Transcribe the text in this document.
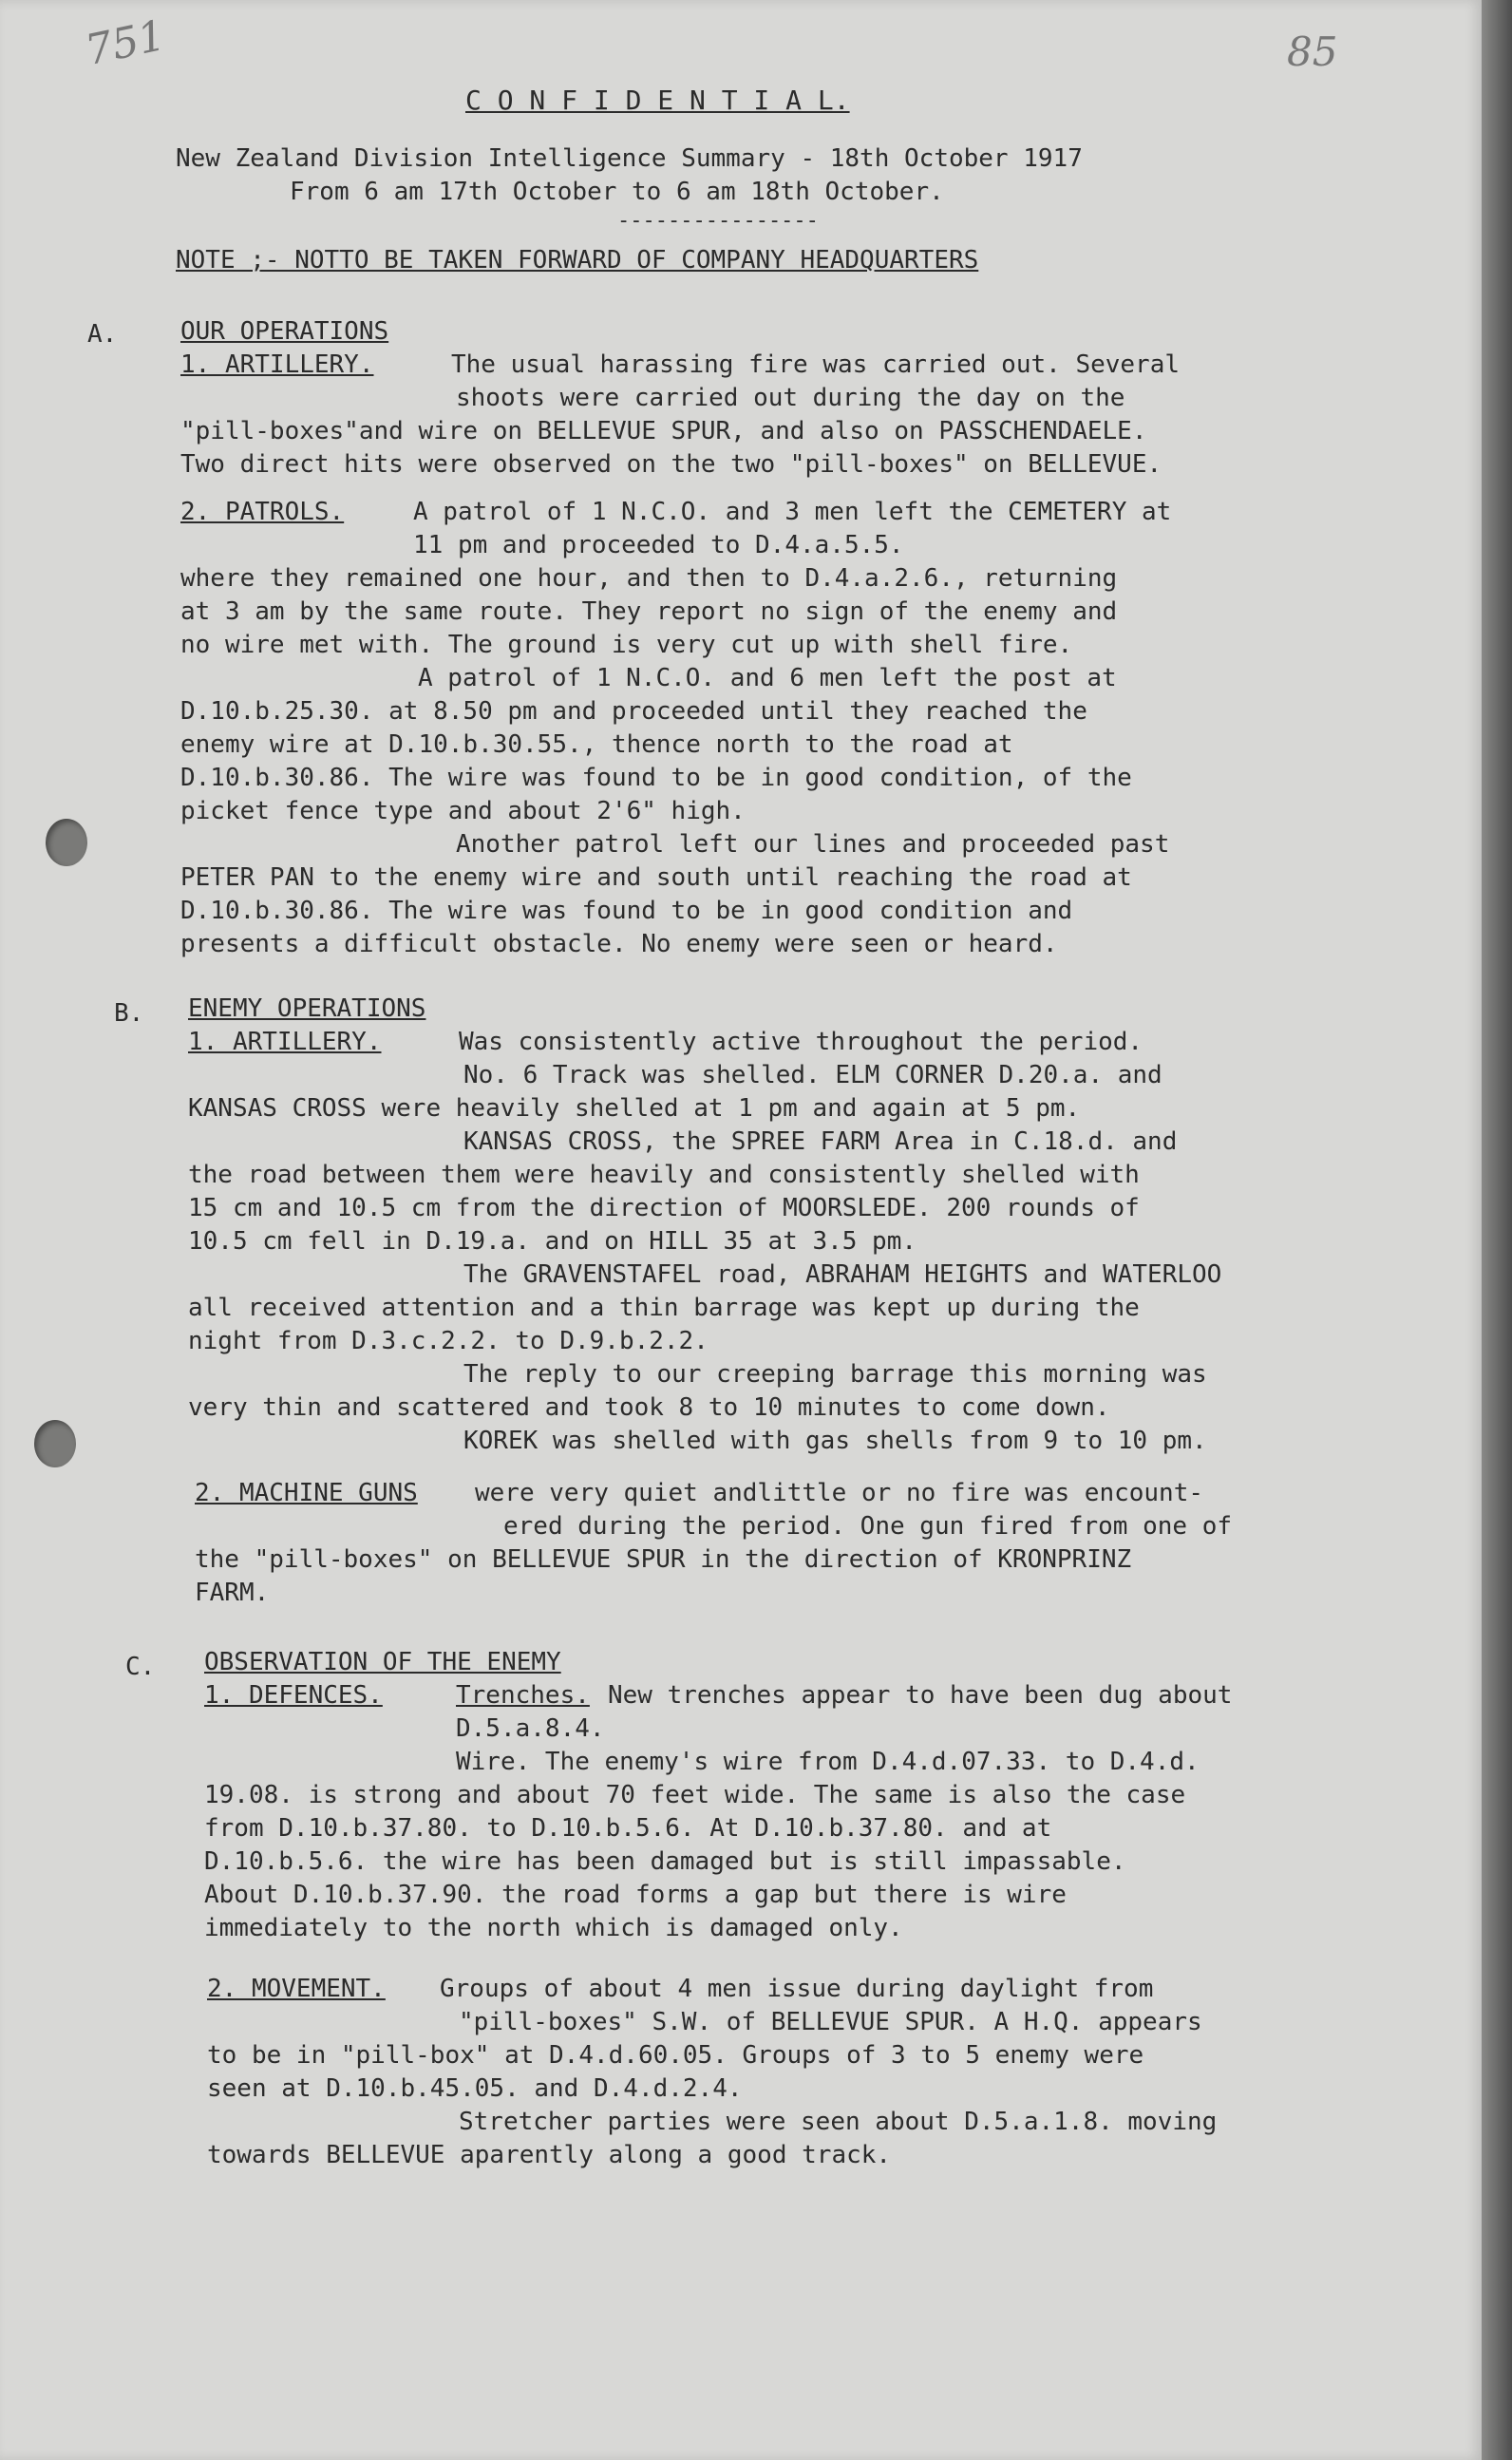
751	85
C O N F I D E N T I A L.
New Zealand Division Intelligence Summary - 18th October 1917
From 6 am 17th October to 6 am 18th October.
----------------
NOTE ;- NOTTO BE TAKEN FORWARD OF COMPANY HEADQUARTERS
A.	OUR OPERATIONS
1. ARTILLERY.	The usual harassing fire was carried out. Several
shoots were carried out during the day on the
"pill-boxes"and wire on BELLEVUE SPUR, and also on PASSCHENDAELE.
Two direct hits were observed on the two "pill-boxes" on BELLEVUE.
2. PATROLS.	A patrol of 1 N.C.O. and 3 men left the CEMETERY at
11 pm and proceeded to D.4.a.5.5.
where they remained one hour, and then to D.4.a.2.6., returning
at 3 am by the same route. They report no sign of the enemy and
no wire met with. The ground is very cut up with shell fire.
A patrol of 1 N.C.O. and 6 men left the post at
D.10.b.25.30. at 8.50 pm and proceeded until they reached the
enemy wire at D.10.b.30.55., thence north to the road at
D.10.b.30.86. The wire was found to be in good condition, of the
picket fence type and about 2'6" high.
Another patrol left our lines and proceeded past
PETER PAN to the enemy wire and south until reaching the road at
D.10.b.30.86. The wire was found to be in good condition and
presents a difficult obstacle. No enemy were seen or heard.
B. ENEMY OPERATIONS
1. ARTILLERY.	Was consistently active throughout the period.
No. 6 Track was shelled. ELM CORNER D.20.a. and
KANSAS CROSS were heavily shelled at 1 pm and again at 5 pm.
KANSAS CROSS, the SPREE FARM Area in C.18.d. and
the road between them were heavily and consistently shelled with
15 cm and 10.5 cm from the direction of MOORSLEDE. 200 rounds of
10.5 cm fell in D.19.a. and on HILL 35 at 3.5 pm.
The GRAVENSTAFEL road, ABRAHAM HEIGHTS and WATERLOO
all received attention and a thin barrage was kept up during the
night from D.3.c.2.2. to D.9.b.2.2.
The reply to our creeping barrage this morning was
very thin and scattered and took 8 to 10 minutes to come down.
KOREK was shelled with gas shells from 9 to 10 pm.
2. MACHINE GUNS were very quiet andlittle or no fire was encount-
ered during the period. One gun fired from one of
the "pill-boxes" on BELLEVUE SPUR in the direction of KRONPRINZ
FARM.
C. OBSERVATION OF THE ENEMY
1. DEFENCES.	Trenches. New trenches appear to have been dug about
D.5.a.8.4.
Wire. The enemy's wire from D.4.d.07.33. to D.4.d.
19.08. is strong and about 70 feet wide. The same is also the case
from D.10.b.37.80. to D.10.b.5.6. At D.10.b.37.80. and at
D.10.b.5.6. the wire has been damaged but is still impassable.
About D.10.b.37.90. the road forms a gap but there is wire
immediately to the north which is damaged only.
2. MOVEMENT. Groups of about 4 men issue during daylight from
"pill-boxes" S.W. of BELLEVUE SPUR. A H.Q. appears
to be in "pill-box" at D.4.d.60.05. Groups of 3 to 5 enemy were
seen at D.10.b.45.05. and D.4.d.2.4.
Stretcher parties were seen about D.5.a.1.8. moving
towards BELLEVUE aparently along a good track.
